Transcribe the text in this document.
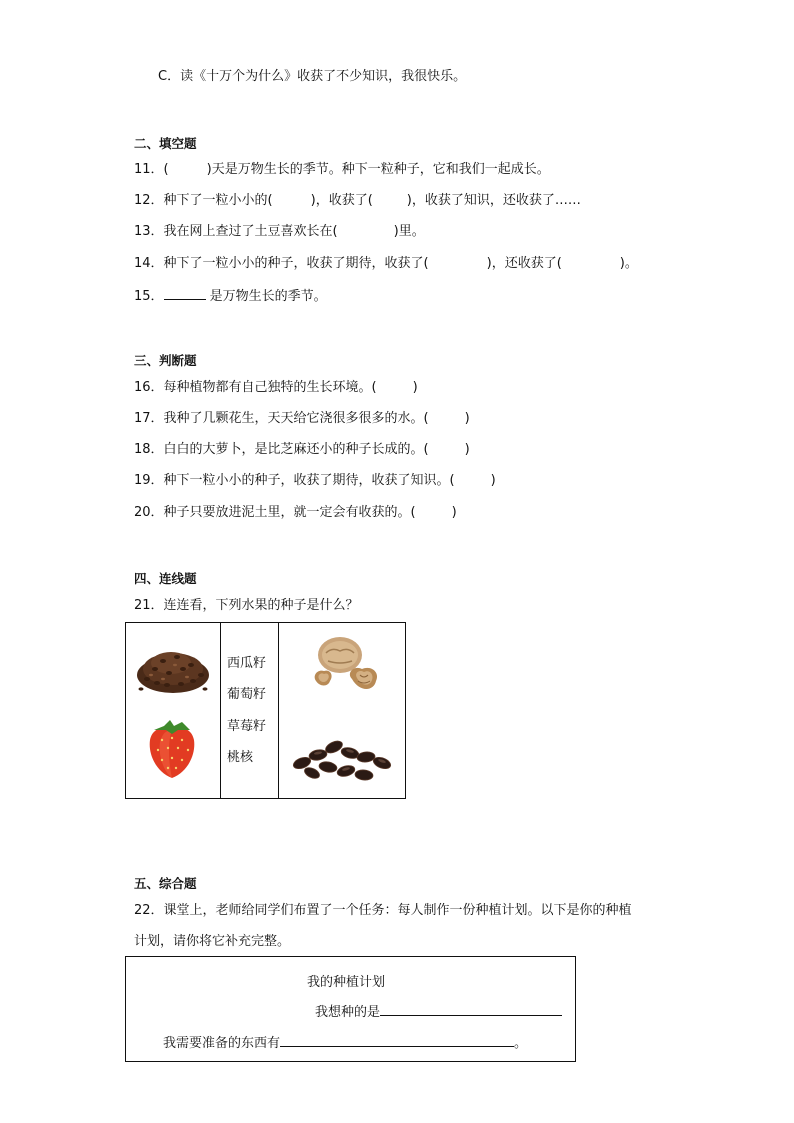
C．读《十万个为什么》收获了不少知识，我很快乐。
二、填空题
11．(	)天是万物生长的季节。种下一粒种子，它和我们一起成长。
12．种下了一粒小小的(	)，收获了(	)，收获了知识，还收获了……
13．我在网上查过了土豆喜欢长在(	)里。
14．种下了一粒小小的种子，收获了期待，收获了(	)，还收获了(	)。
15．	是万物生长的季节。
三、判断题
16．每种植物都有自己独特的生长环境。(	)
17．我种了几颗花生，天天给它浇很多很多的水。(	)
18．白白的大萝卜，是比芝麻还小的种子长成的。(	)
19．种下一粒小小的种子，收获了期待，收获了知识。(	)
20．种子只要放进泥土里，就一定会有收获的。(	)
四、连线题
21．连连看，下列水果的种子是什么？
西瓜籽
葡萄籽
草莓籽
桃核
五、综合题
22．课堂上，老师给同学们布置了一个任务：每人制作一份种植计划。以下是你的种植
计划，请你将它补充完整。
我的种植计划
我想种的是
我需要准备的东西有	。
